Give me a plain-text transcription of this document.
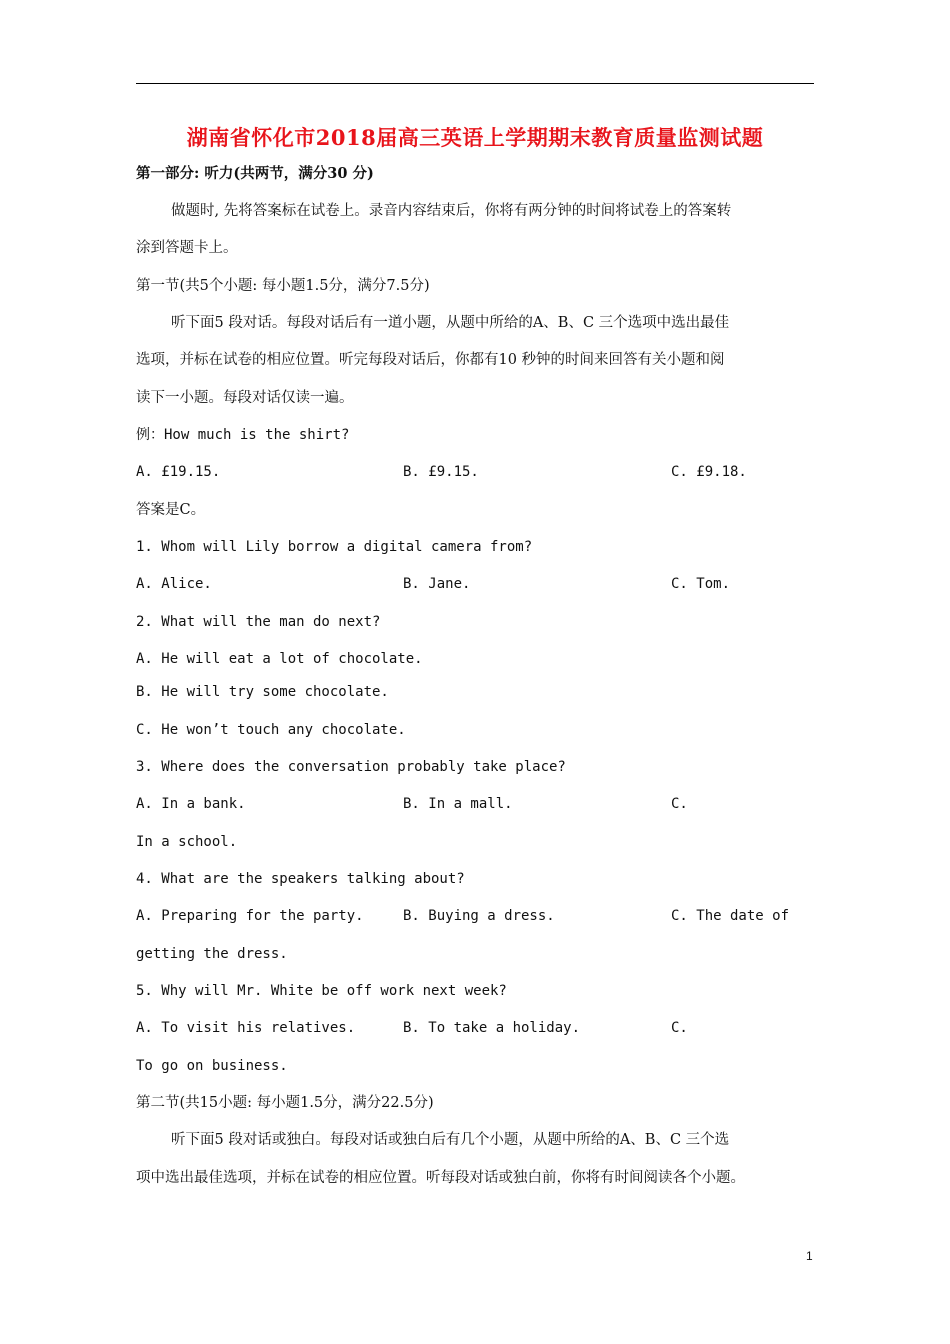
湖南省怀化市2018届高三英语上学期期末教育质量监测试题
第一部分: 听力(共两节，满分30 分)
做题时, 先将答案标在试卷上。录音内容结束后，你将有两分钟的时间将试卷上的答案转
涂到答题卡上。
第一节(共5个小题: 每小题1.5分，满分7.5分)
听下面5 段对话。每段对话后有一道小题，从题中所给的A、B、C 三个选项中选出最佳
选项，并标在试卷的相应位置。听完每段对话后，你都有10 秒钟的时间来回答有关小题和阅
读下一小题。每段对话仅读一遍。
例：How much is the shirt?
A. £19.15.	B. £9.15.	C. £9.18.
答案是C。
1. Whom will Lily borrow a digital camera from?
A. Alice.	B. Jane.	C. Tom.
2. What will the man do next?
A. He will eat a lot of chocolate.
B. He will try some chocolate.
C. He won’t touch any chocolate.
3. Where does the conversation probably take place?
A. In a bank.	B. In a mall.	C.
In a school.
4. What are the speakers talking about?
A. Preparing for the party.	B. Buying a dress.	C. The date of
getting the dress.
5. Why will Mr. White be off work next week?
A. To visit his relatives.	B. To take a holiday.	C.
To go on business.
第二节(共15小题: 每小题1.5分，满分22.5分)
听下面5 段对话或独白。每段对话或独白后有几个小题，从题中所给的A、B、C 三个选
项中选出最佳选项，并标在试卷的相应位置。听每段对话或独白前，你将有时间阅读各个小题。
1
